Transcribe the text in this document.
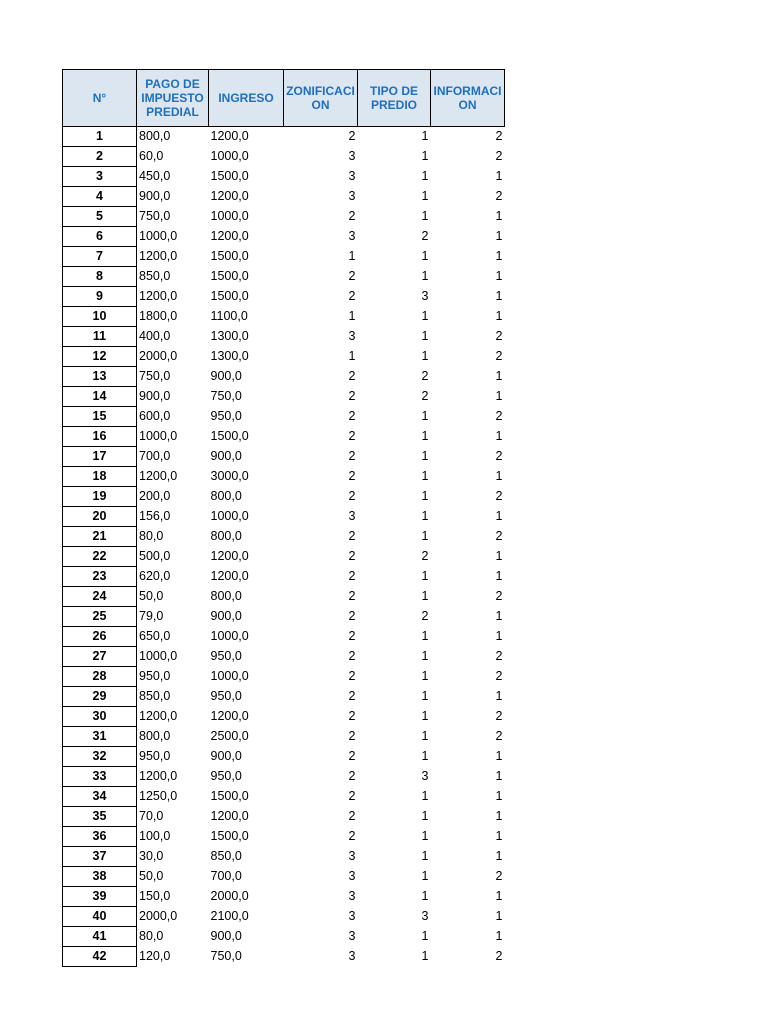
N°	PAGO DE IMPUESTO PREDIAL	INGRESO	ZONIFICACI ON	TIPO DE PREDIO	INFORMACI ON
1	800,0	1200,0	2	1	2
2	60,0	1000,0	3	1	2
3	450,0	1500,0	3	1	1
4	900,0	1200,0	3	1	2
5	750,0	1000,0	2	1	1
6	1000,0	1200,0	3	2	1
7	1200,0	1500,0	1	1	1
8	850,0	1500,0	2	1	1
9	1200,0	1500,0	2	3	1
10	1800,0	1100,0	1	1	1
11	400,0	1300,0	3	1	2
12	2000,0	1300,0	1	1	2
13	750,0	900,0	2	2	1
14	900,0	750,0	2	2	1
15	600,0	950,0	2	1	2
16	1000,0	1500,0	2	1	1
17	700,0	900,0	2	1	2
18	1200,0	3000,0	2	1	1
19	200,0	800,0	2	1	2
20	156,0	1000,0	3	1	1
21	80,0	800,0	2	1	2
22	500,0	1200,0	2	2	1
23	620,0	1200,0	2	1	1
24	50,0	800,0	2	1	2
25	79,0	900,0	2	2	1
26	650,0	1000,0	2	1	1
27	1000,0	950,0	2	1	2
28	950,0	1000,0	2	1	2
29	850,0	950,0	2	1	1
30	1200,0	1200,0	2	1	2
31	800,0	2500,0	2	1	2
32	950,0	900,0	2	1	1
33	1200,0	950,0	2	3	1
34	1250,0	1500,0	2	1	1
35	70,0	1200,0	2	1	1
36	100,0	1500,0	2	1	1
37	30,0	850,0	3	1	1
38	50,0	700,0	3	1	2
39	150,0	2000,0	3	1	1
40	2000,0	2100,0	3	3	1
41	80,0	900,0	3	1	1
42	120,0	750,0	3	1	2
